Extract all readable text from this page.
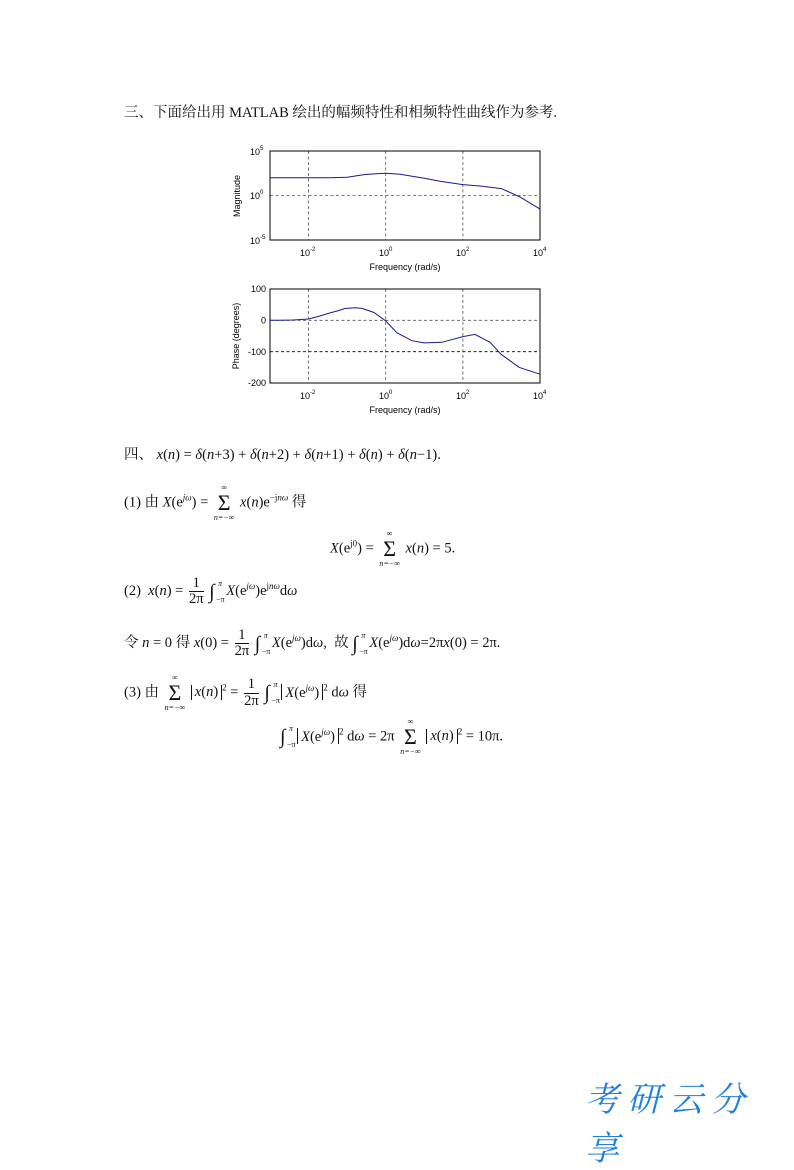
三、下面给出用 MATLAB 绘出的幅频特性和相频特性曲线作为参考.
$10^5$
$10^0$
$10^{-5}$
$10^{-2}$	$10^0$	$10^2$	$10^4$
Frequency (rad/s)
Magnitude
100
0
-100
-200
$10^{-2}$	$10^0$	$10^2$	$10^4$
Frequency (rad/s)
Phase (degrees)
四、 x(n) = δ(n+3) + δ(n+2) + δ(n+1) + δ(n) + δ(n−1).
(1) 由 $X(e^{j\omega})$ =
∞
Σ
n=−∞
$x(n)e^{-jn\omega}$ 得
$X(e^{j0})$ =
∞
Σ
n=−∞
x(n) = 5.
(2) $x(n) = \frac{1}{2\pi}$ ∫ π
−π
$X(e^{j\omega})e^{jn\omega}d\omega$
令 n = 0 得 $x(0) = \frac{1}{2\pi}$ ∫ π
−π
$X(e^{j\omega})d\omega$,  故 ∫ π
−π
$X(e^{j\omega})d\omega=2\pi x(0) = 2\pi$.
(3) 由
∞
Σ
n=−∞
x(n) $^2 = \frac{1}{2\pi}$ ∫ π
−π
$X(e^{j\omega})$ $^2$ dω 得
∫ π
−π
$X(e^{j\omega})$ $^2$ dω = 2π
∞
Σ
n=−∞
x(n) $^2$ = 10π.
考研云分享
